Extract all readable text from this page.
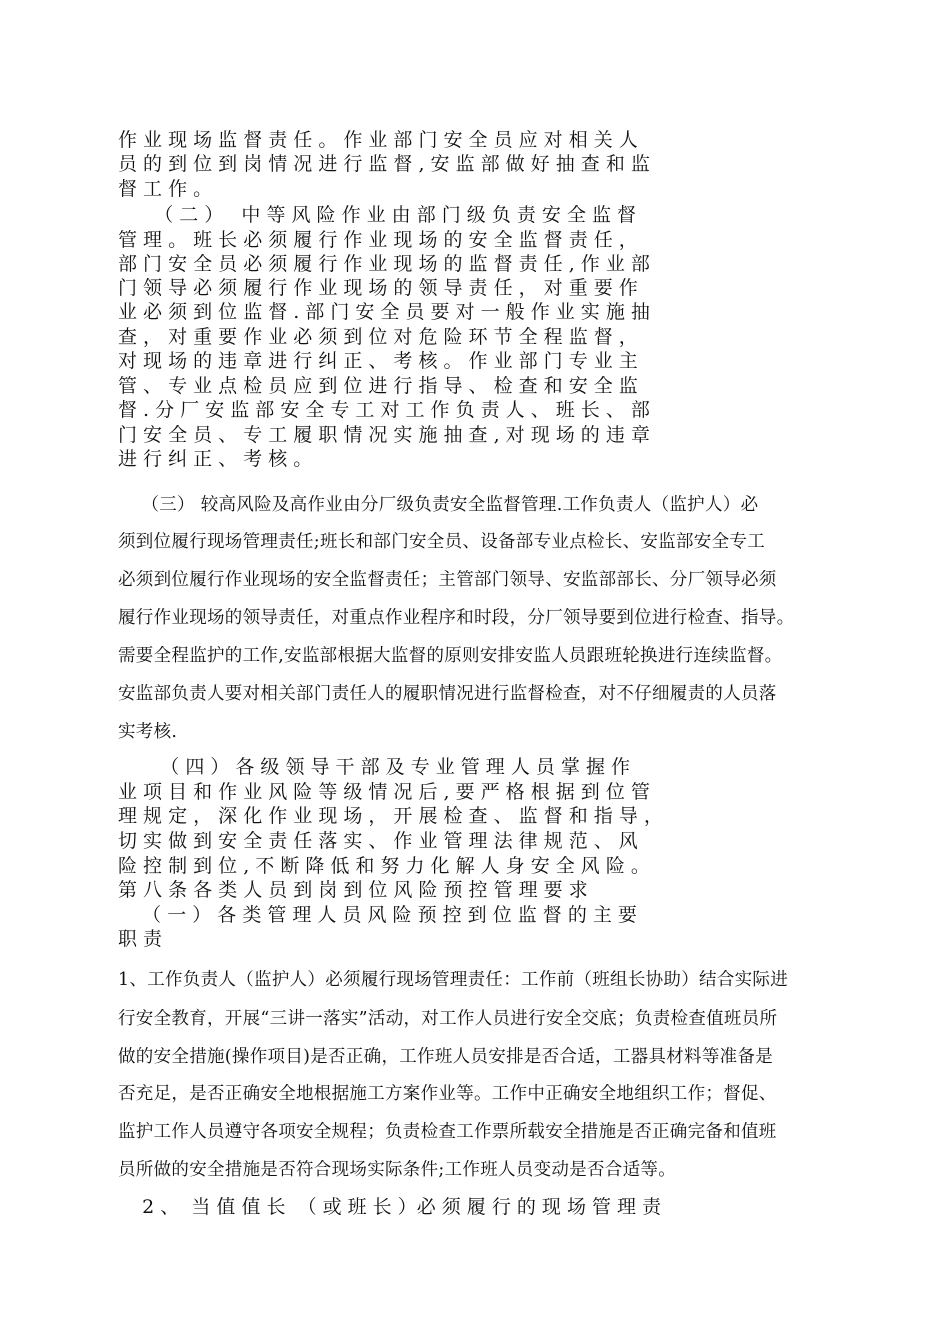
作 业 现 场 监 督 责 任 。 作 业 部 门 安 全 员 应 对 相 关 人
员 的 到 位 到 岗 情 况 进 行 监 督 , 安 监 部 做 好 抽 查 和 监
督 工 作 。
（ 二 ）   中 等 风 险 作 业 由 部 门 级 负 责 安 全 监 督
管 理 。 班 长 必 须 履 行 作 业 现 场 的 安 全 监 督 责 任 ，
部 门 安 全 员 必 须 履 行 作 业 现 场 的 监 督 责 任 , 作 业 部
门 领 导 必 须 履 行 作 业 现 场 的 领 导 责 任 ， 对 重 要 作
业 必 须 到 位 监 督 . 部 门 安 全 员 要 对 一 般 作 业 实 施 抽
查 ， 对 重 要 作 业 必 须 到 位 对 危 险 环 节 全 程 监 督 ，
对 现 场 的 违 章 进 行 纠 正 、 考 核 。 作 业 部 门 专 业 主
管 、 专 业 点 检 员 应 到 位 进 行 指 导 、 检 查 和 安 全 监
督 . 分 厂 安 监 部 安 全 专 工 对 工 作 负 责 人 、 班 长 、 部
门 安 全 员 、 专 工 履 职 情 况 实 施 抽 查 , 对 现 场 的 违 章
进 行 纠 正 、 考 核 。
（三） 较高风险及高作业由分厂级负责安全监督管理.工作负责人（监护人）必
须到位履行现场管理责任;班长和部门安全员、设备部专业点检长、安监部安全专工
必须到位履行作业现场的安全监督责任；主管部门领导、安监部部长、分厂领导必须
履行作业现场的领导责任，对重点作业程序和时段，分厂领导要到位进行检查、指导。
需要全程监护的工作,安监部根据大监督的原则安排安监人员跟班轮换进行连续监督。
安监部负责人要对相关部门责任人的履职情况进行监督检查，对不仔细履责的人员落
实考核.
（ 四 ） 各 级 领 导 干 部 及 专 业 管 理 人 员 掌 握 作
业 项 目 和 作 业 风 险 等 级 情 况 后 , 要 严 格 根 据 到 位 管
理 规 定 ， 深 化 作 业 现 场 ， 开 展 检 查 、 监 督 和 指 导 ，
切 实 做 到 安 全 责 任 落 实 、 作 业 管 理 法 律 规 范 、 风
险 控 制 到 位 , 不 断 降 低 和 努 力 化 解 人 身 安 全 风 险 。
第 八 条 各 类 人 员 到 岗 到 位 风 险 预 控 管 理 要 求
（ 一 ） 各 类 管 理 人 员 风 险 预 控 到 位 监 督 的 主 要
职 责
1、工作负责人（监护人）必须履行现场管理责任：工作前（班组长协助）结合实际进
行安全教育，开展“三讲一落实”活动，对工作人员进行安全交底；负责检查值班员所
做的安全措施(操作项目)是否正确，工作班人员安排是否合适，工器具材料等准备是
否充足，是否正确安全地根据施工方案作业等。工作中正确安全地组织工作；督促、
监护工作人员遵守各项安全规程；负责检查工作票所载安全措施是否正确完备和值班
员所做的安全措施是否符合现场实际条件;工作班人员变动是否合适等。
2 、  当 值 值 长  （ 或 班 长 ）必 须 履 行 的 现 场 管 理 责
